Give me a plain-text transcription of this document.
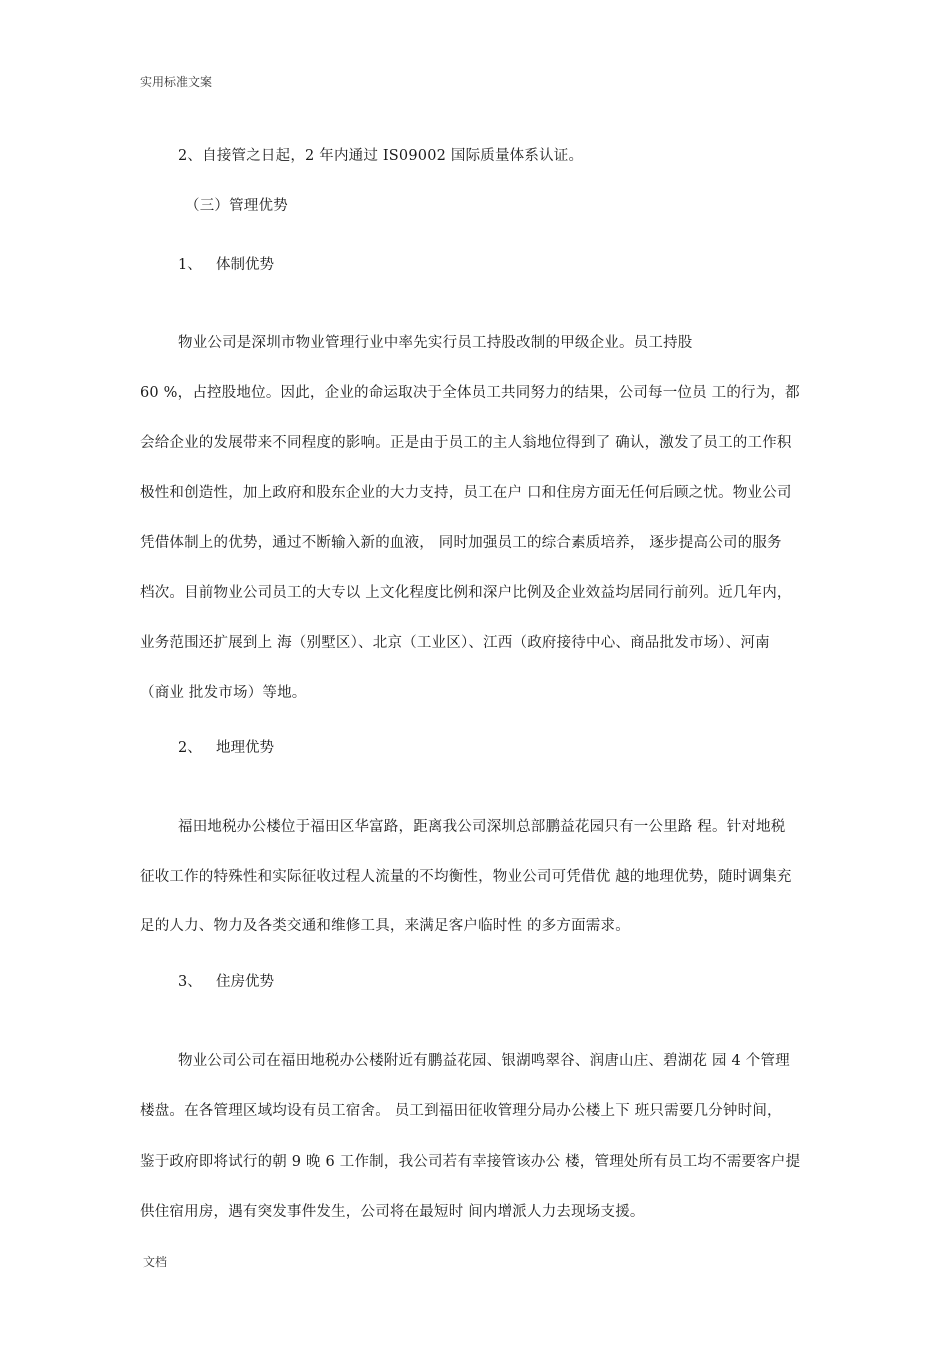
实用标准文案
2、自接管之日起，2 年内通过 IS09002 国际质量体系认证。
（三）管理优势
1、 体制优势
物业公司是深圳市物业管理行业中率先实行员工持股改制的甲级企业。员工持股
60 %，占控股地位。因此，企业的命运取决于全体员工共同努力的结果，公司每一位员 工的行为，都
会给企业的发展带来不同程度的影响。正是由于员工的主人翁地位得到了 确认，激发了员工的工作积
极性和创造性，加上政府和股东企业的大力支持，员工在户 口和住房方面无任何后顾之忧。物业公司
凭借体制上的优势，通过不断输入新的血液， 同时加强员工的综合素质培养， 逐步提高公司的服务
档次。目前物业公司员工的大专以 上文化程度比例和深户比例及企业效益均居同行前列。近几年内，
业务范围还扩展到上 海（别墅区）、北京（工业区）、江西（政府接待中心、商品批发市场）、河南
（商业 批发市场）等地。
2、 地理优势
福田地税办公楼位于福田区华富路，距离我公司深圳总部鹏益花园只有一公里路 程。针对地税
征收工作的特殊性和实际征收过程人流量的不均衡性，物业公司可凭借优 越的地理优势，随时调集充
足的人力、物力及各类交通和维修工具，来满足客户临时性 的多方面需求。
3、 住房优势
物业公司公司在福田地税办公楼附近有鹏益花园、银湖鸣翠谷、润唐山庄、碧湖花 园 4 个管理
楼盘。在各管理区域均设有员工宿舍。 员工到福田征收管理分局办公楼上下 班只需要几分钟时间，
鉴于政府即将试行的朝 9 晚 6 工作制，我公司若有幸接管该办公 楼，管理处所有员工均不需要客户提
供住宿用房，遇有突发事件发生，公司将在最短时 间内增派人力去现场支援。
文档
